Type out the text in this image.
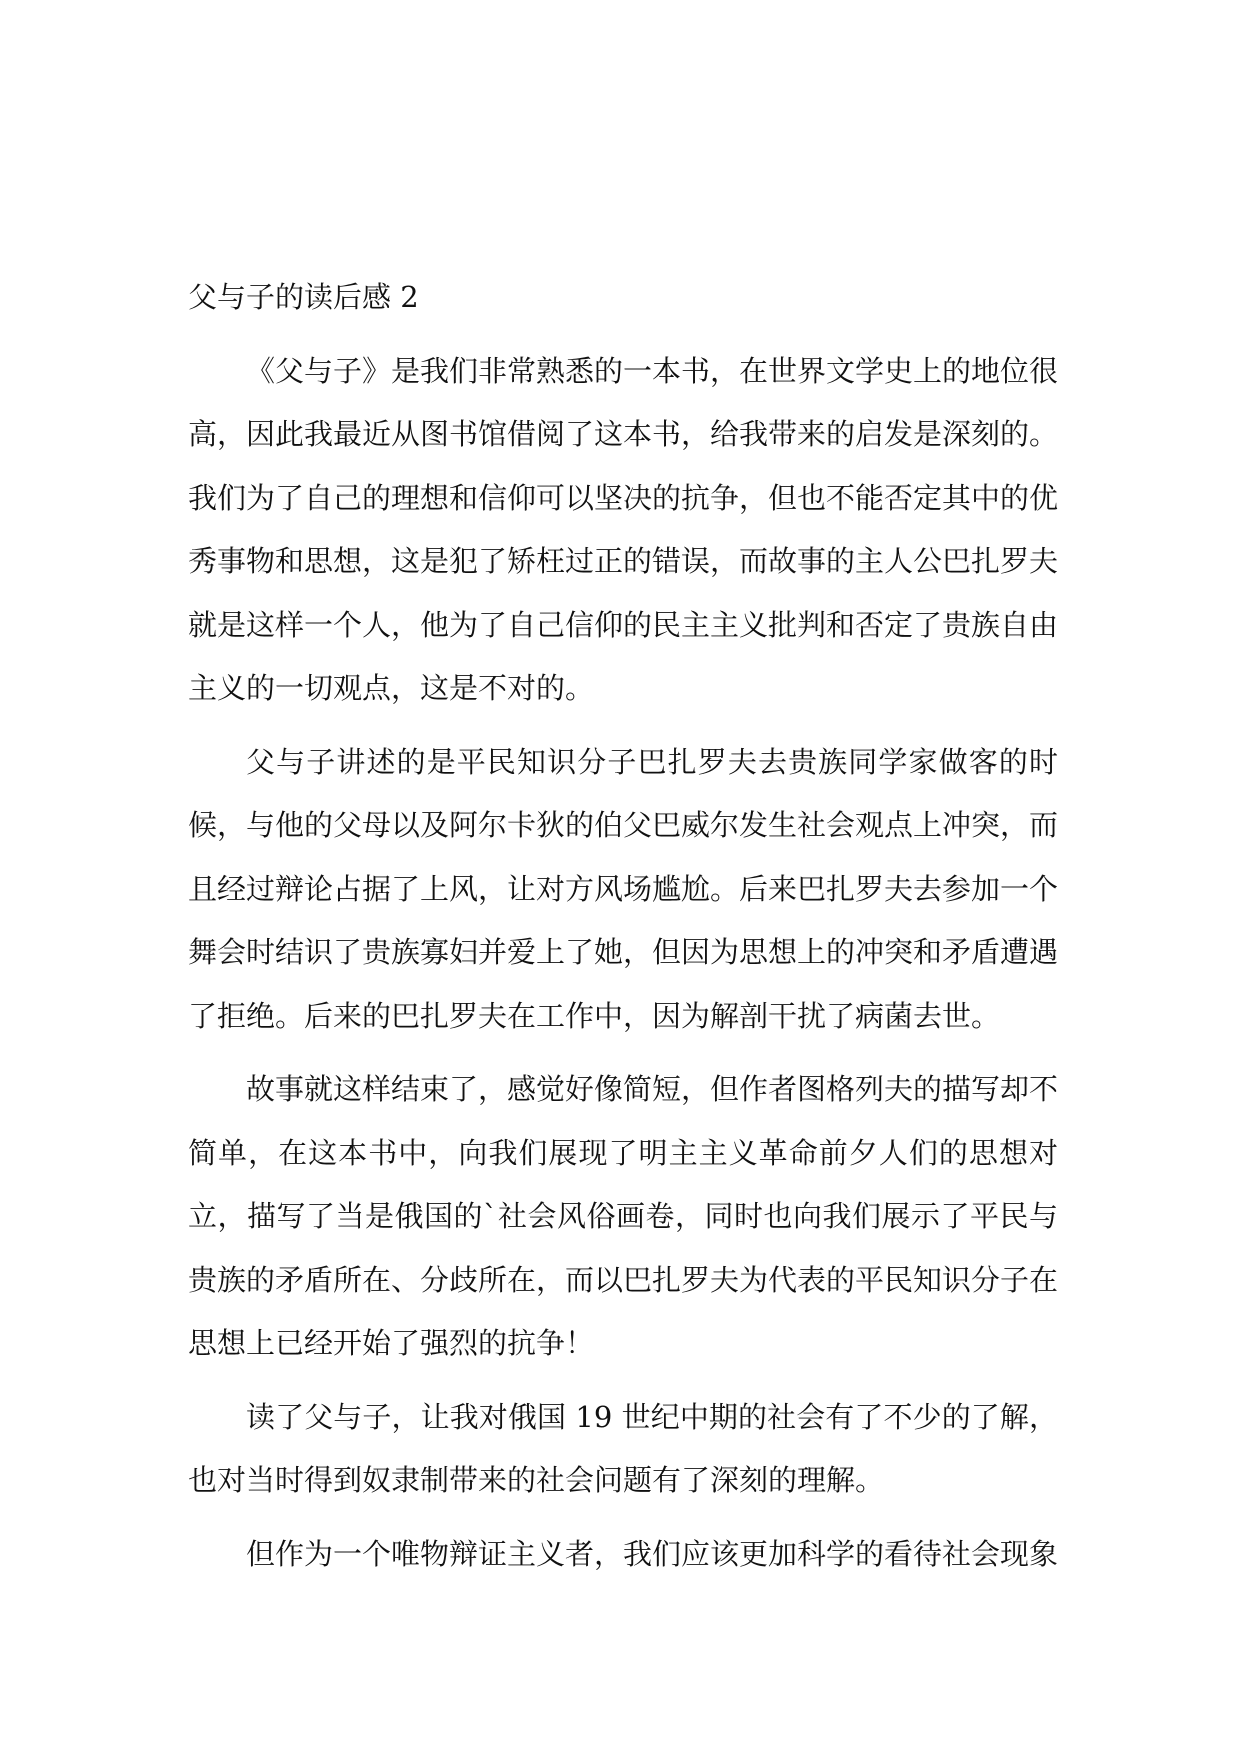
父与子的读后感 2

《父与子》是我们非常熟悉的一本书，在世界文学史上的地位很高，因此我最近从图书馆借阅了这本书，给我带来的启发是深刻的。我们为了自己的理想和信仰可以坚决的抗争，但也不能否定其中的优秀事物和思想，这是犯了矫枉过正的错误，而故事的主人公巴扎罗夫就是这样一个人，他为了自己信仰的民主主义批判和否定了贵族自由主义的一切观点，这是不对的。

父与子讲述的是平民知识分子巴扎罗夫去贵族同学家做客的时候，与他的父母以及阿尔卡狄的伯父巴威尔发生社会观点上冲突，而且经过辩论占据了上风，让对方风场尴尬。后来巴扎罗夫去参加一个舞会时结识了贵族寡妇并爱上了她，但因为思想上的冲突和矛盾遭遇了拒绝。后来的巴扎罗夫在工作中，因为解剖干扰了病菌去世。

故事就这样结束了，感觉好像简短，但作者图格列夫的描写却不简单，在这本书中，向我们展现了明主主义革命前夕人们的思想对立，描写了当是俄国的`社会风俗画卷，同时也向我们展示了平民与贵族的矛盾所在、分歧所在，而以巴扎罗夫为代表的平民知识分子在思想上已经开始了强烈的抗争！

读了父与子，让我对俄国 19 世纪中期的社会有了不少的了解，也对当时得到奴隶制带来的社会问题有了深刻的理解。

但作为一个唯物辩证主义者，我们应该更加科学的看待社会现象
